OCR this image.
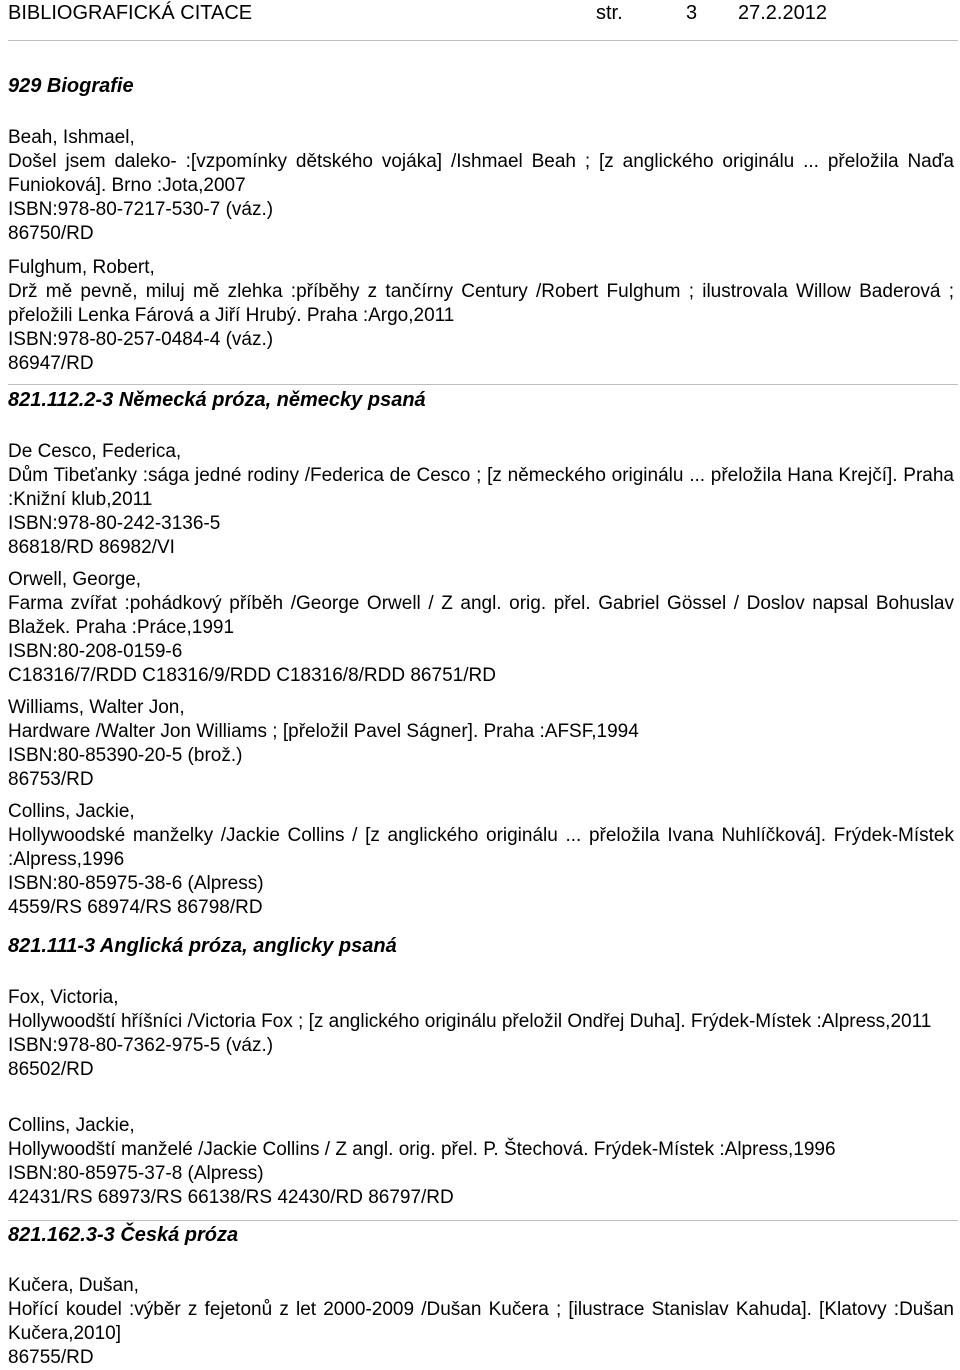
BIBLIOGRAFICKÁ CITACE	str.	3 27.2.2012
929 Biografie
Beah, Ishmael,
Došel jsem daleko- :[vzpomínky dětského vojáka] /Ishmael Beah ; [z anglického originálu ... přeložila Naďa Funioková]. Brno :Jota,2007
ISBN:978-80-7217-530-7 (váz.)
86750/RD
Fulghum, Robert,
Drž mě pevně, miluj mě zlehka :příběhy z tančírny Century /Robert Fulghum ; ilustrovala Willow Baderová ; přeložili Lenka Fárová a Jiří Hrubý. Praha :Argo,2011
ISBN:978-80-257-0484-4 (váz.)
86947/RD
821.112.2-3 Německá próza, německy psaná
De Cesco, Federica,
Dům Tibeťanky :sága jedné rodiny /Federica de Cesco ; [z německého originálu ... přeložila Hana Krejčí]. Praha :Knižní klub,2011
ISBN:978-80-242-3136-5
86818/RD 86982/VI
Orwell, George,
Farma zvířat :pohádkový příběh /George Orwell / Z angl. orig. přel. Gabriel Gössel / Doslov napsal Bohuslav Blažek. Praha :Práce,1991
ISBN:80-208-0159-6
C18316/7/RDD C18316/9/RDD C18316/8/RDD 86751/RD
Williams, Walter Jon,
Hardware /Walter Jon Williams ; [přeložil Pavel Ságner]. Praha :AFSF,1994
ISBN:80-85390-20-5 (brož.)
86753/RD
Collins, Jackie,
Hollywoodské manželky /Jackie Collins / [z anglického originálu ... přeložila Ivana Nuhlíčková]. Frýdek-Místek :Alpress,1996
ISBN:80-85975-38-6 (Alpress)
4559/RS 68974/RS 86798/RD
821.111-3 Anglická próza, anglicky psaná
Fox, Victoria,
Hollywoodští hříšníci /Victoria Fox ; [z anglického originálu přeložil Ondřej Duha]. Frýdek-Místek :Alpress,2011
ISBN:978-80-7362-975-5 (váz.)
86502/RD
Collins, Jackie,
Hollywoodští manželé /Jackie Collins / Z angl. orig. přel. P. Štechová. Frýdek-Místek :Alpress,1996
ISBN:80-85975-37-8 (Alpress)
42431/RS 68973/RS 66138/RS 42430/RD 86797/RD
821.162.3-3 Česká próza
Kučera, Dušan,
Hořící koudel :výběr z fejetonů z let 2000-2009 /Dušan Kučera ; [ilustrace Stanislav Kahuda]. [Klatovy :Dušan Kučera,2010]
86755/RD
